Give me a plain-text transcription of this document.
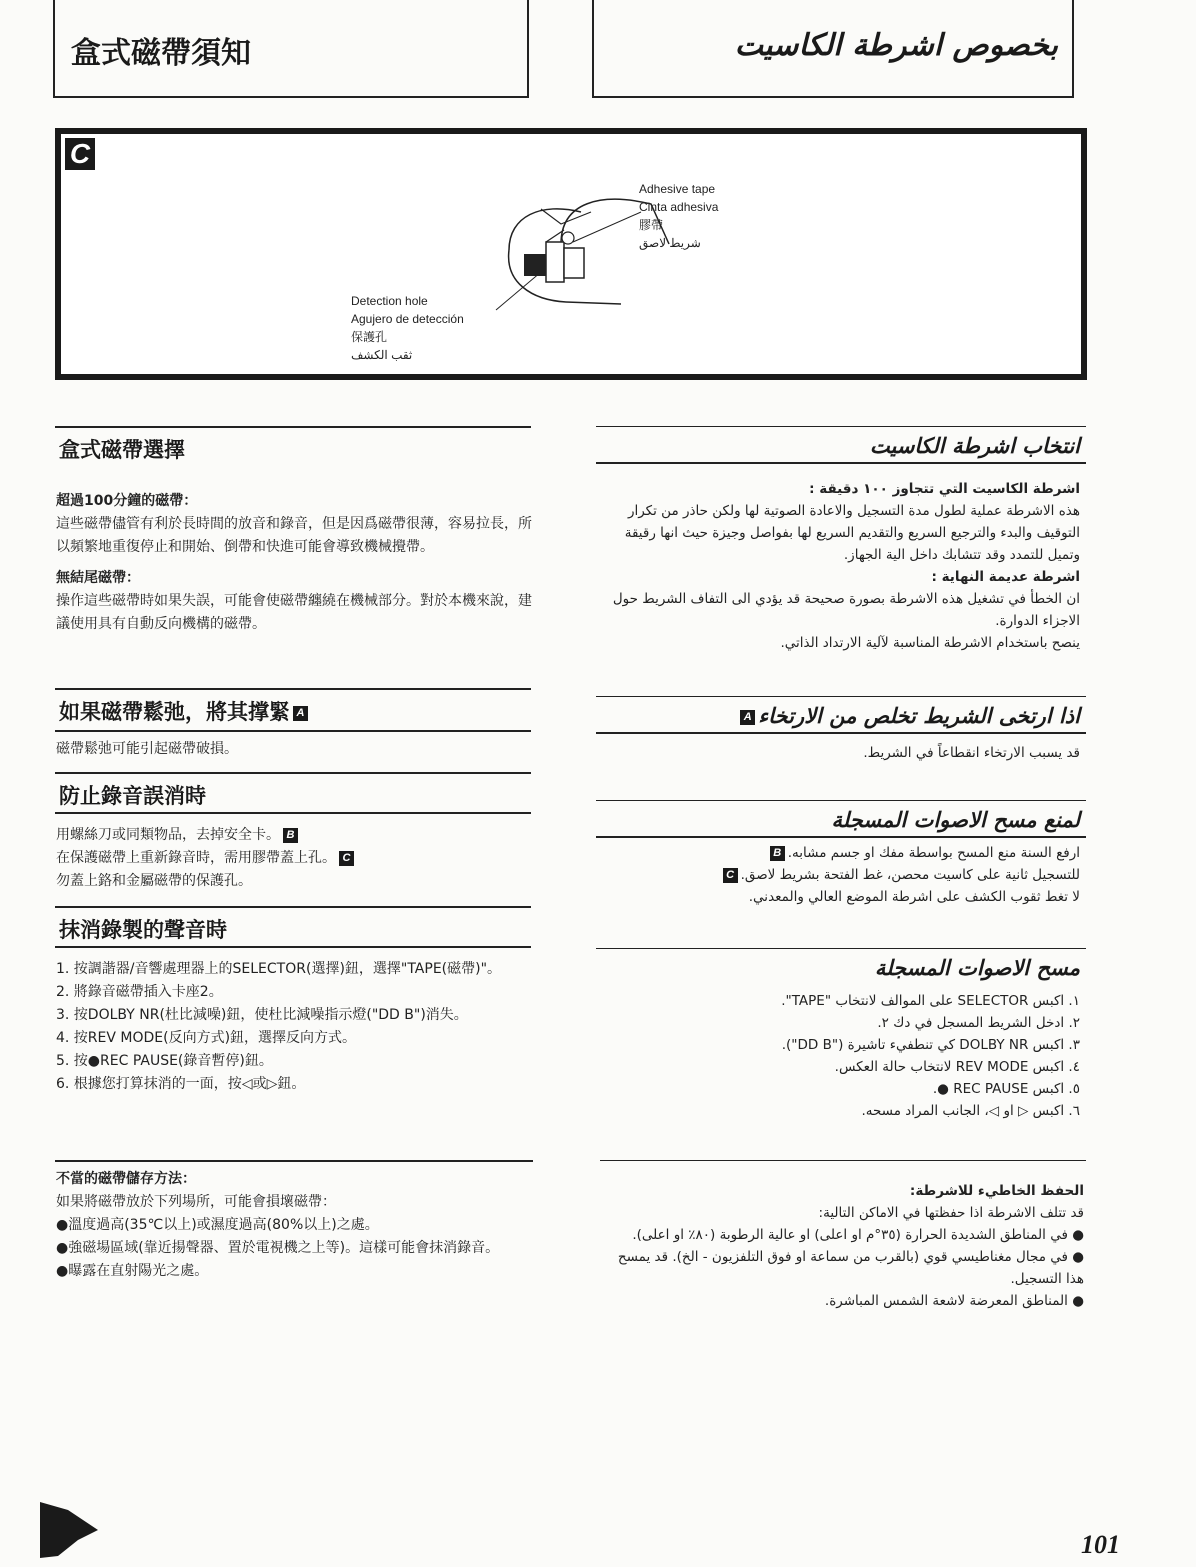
盒式磁帶須知	بخصوص اشرطة الكاسيت
C
Adhesive tape
Cinta adhesiva
膠帶
شريط لاصق
Detection hole
Agujero de detección
保護孔
ثقب الكشف
盒式磁帶選擇
超過100分鐘的磁帶：
這些磁帶儘管有利於長時間的放音和錄音，但是因爲磁帶很薄，容易拉長，所以頻繁地重復停止和開始、倒帶和快進可能會導致機械攪帶。
無結尾磁帶：
操作這些磁帶時如果失誤，可能會使磁帶纏繞在機械部分。對於本機來說，建議使用具有自動反向機構的磁帶。
如果磁帶鬆弛，將其撑緊 A
磁帶鬆弛可能引起磁帶破損。
防止錄音誤消時
用螺絲刀或同類物品，去掉安全卡。 B
在保護磁帶上重新錄音時，需用膠帶蓋上孔。 C
勿蓋上鉻和金屬磁帶的保護孔。
抹消錄製的聲音時
1. 按調諧器/音響處理器上的SELECTOR(選擇)鈕，選擇"TAPE(磁帶)"。
2. 將錄音磁帶插入卡座2。
3. 按DOLBY NR(杜比減噪)鈕，使杜比減噪指示燈("DD B")消失。
4. 按REV MODE(反向方式)鈕，選擇反向方式。
5. 按●REC PAUSE(錄音暫停)鈕。
6. 根據您打算抹消的一面，按◁或▷鈕。
不當的磁帶儲存方法：
如果將磁帶放於下列場所，可能會損壞磁帶：
●溫度過高(35℃以上)或濕度過高(80%以上)之處。
●強磁場區域(靠近揚聲器、置於電視機之上等)。這樣可能會抹消錄音。
●曝露在直射陽光之處。
انتخاب اشرطة الكاسيت
اشرطة الكاسيت التي تتجاوز ١٠٠ دقيقة :
هذه الاشرطة عملية لطول مدة التسجيل والاعادة الصوتية لها ولكن حاذر من تكرار التوقيف والبدء والترجيع السريع والتقديم السريع لها بفواصل وجيزة حيث انها رقيقة وتميل للتمدد وقد تتشابك داخل الية الجهاز.
اشرطة عديمة النهاية :
ان الخطأ في تشغيل هذه الاشرطة بصورة صحيحة قد يؤدي الى التفاف الشريط حول الاجزاء الدوارة.
ينصح باستخدام الاشرطة المناسبة لآلية الارتداد الذاتي.
A اذا ارتخى الشريط تخلص من الارتخاء
قد يسبب الارتخاء انقطاعاً في الشريط.
لمنع مسح الاصوات المسجلة
ارفع السنة منع المسح بواسطة مفك او جسم مشابه.B
للتسجيل ثانية على كاسيت محصن، غط الفتحة بشريط لاصق.C
لا تغط ثقوب الكشف على اشرطة الموضع العالي والمعدني.
مسح الاصوات المسجلة
١. اكبس SELECTOR على الموالف لانتخاب "TAPE".
٢. ادخل الشريط المسجل في دك ٢.
٣. اكبس DOLBY NR كي تنطفيء تاشيرة ("DD B").
٤. اكبس REV MODE لانتخاب حالة العكس.
٥. اكبس REC PAUSE ●.
٦. اكبس ▷ او ◁، الجانب المراد مسحه.
الحفظ الخاطيء للاشرطة:
قد تتلف الاشرطة اذا حفظتها في الاماكن التالية:
● في المناطق الشديدة الحرارة (٣٥°م او اعلى) او عالية الرطوبة (٨٠٪ او اعلى).
● في مجال مغناطيسي قوي (بالقرب من سماعة او فوق التلفزيون - الخ). قد يمسح هذا التسجيل.
● المناطق المعرضة لاشعة الشمس المباشرة.
101
